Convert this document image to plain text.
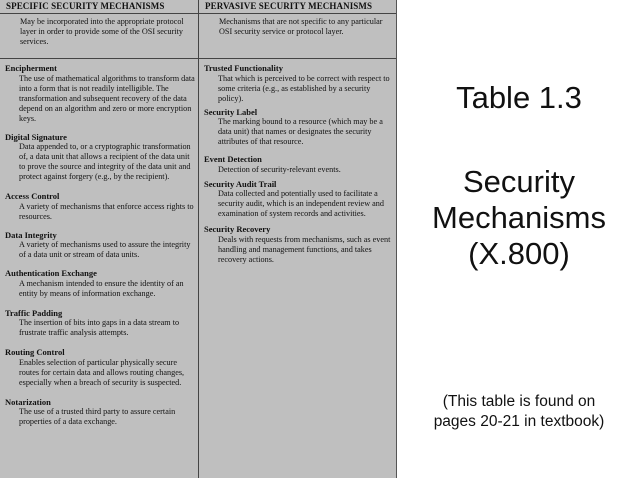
SPECIFIC SECURITY MECHANISMS
May be incorporated into the appropriate protocol layer in order to provide some of the OSI security services.
Encipherment
The use of mathematical algorithms to transform data into a form that is not readily intelligible. The transformation and subsequent recovery of the data depend on an algorithm and zero or more encryption keys.
Digital Signature
Data appended to, or a cryptographic transformation of, a data unit that allows a recipient of the data unit to prove the source and integrity of the data unit and protect against forgery (e.g., by the recipient).
Access Control
A variety of mechanisms that enforce access rights to resources.
Data Integrity
A variety of mechanisms used to assure the integrity of a data unit or stream of data units.
Authentication Exchange
A mechanism intended to ensure the identity of an entity by means of information exchange.
Traffic Padding
The insertion of bits into gaps in a data stream to frustrate traffic analysis attempts.
Routing Control
Enables selection of particular physically secure routes for certain data and allows routing changes, especially when a breach of security is suspected.
Notarization
The use of a trusted third party to assure certain properties of a data exchange.
PERVASIVE SECURITY MECHANISMS
Mechanisms that are not specific to any particular OSI security service or protocol layer.
Trusted Functionality
That which is perceived to be correct with respect to some criteria (e.g., as established by a security policy).
Security Label
The marking bound to a resource (which may be a data unit) that names or designates the security attributes of that resource.
Event Detection
Detection of security-relevant events.
Security Audit Trail
Data collected and potentially used to facilitate a security audit, which is an independent review and examination of system records and activities.
Security Recovery
Deals with requests from mechanisms, such as event handling and management functions, and takes recovery actions.
Table 1.3
Security
Mechanisms
(X.800)
(This table is found on
pages 20-21 in textbook)
